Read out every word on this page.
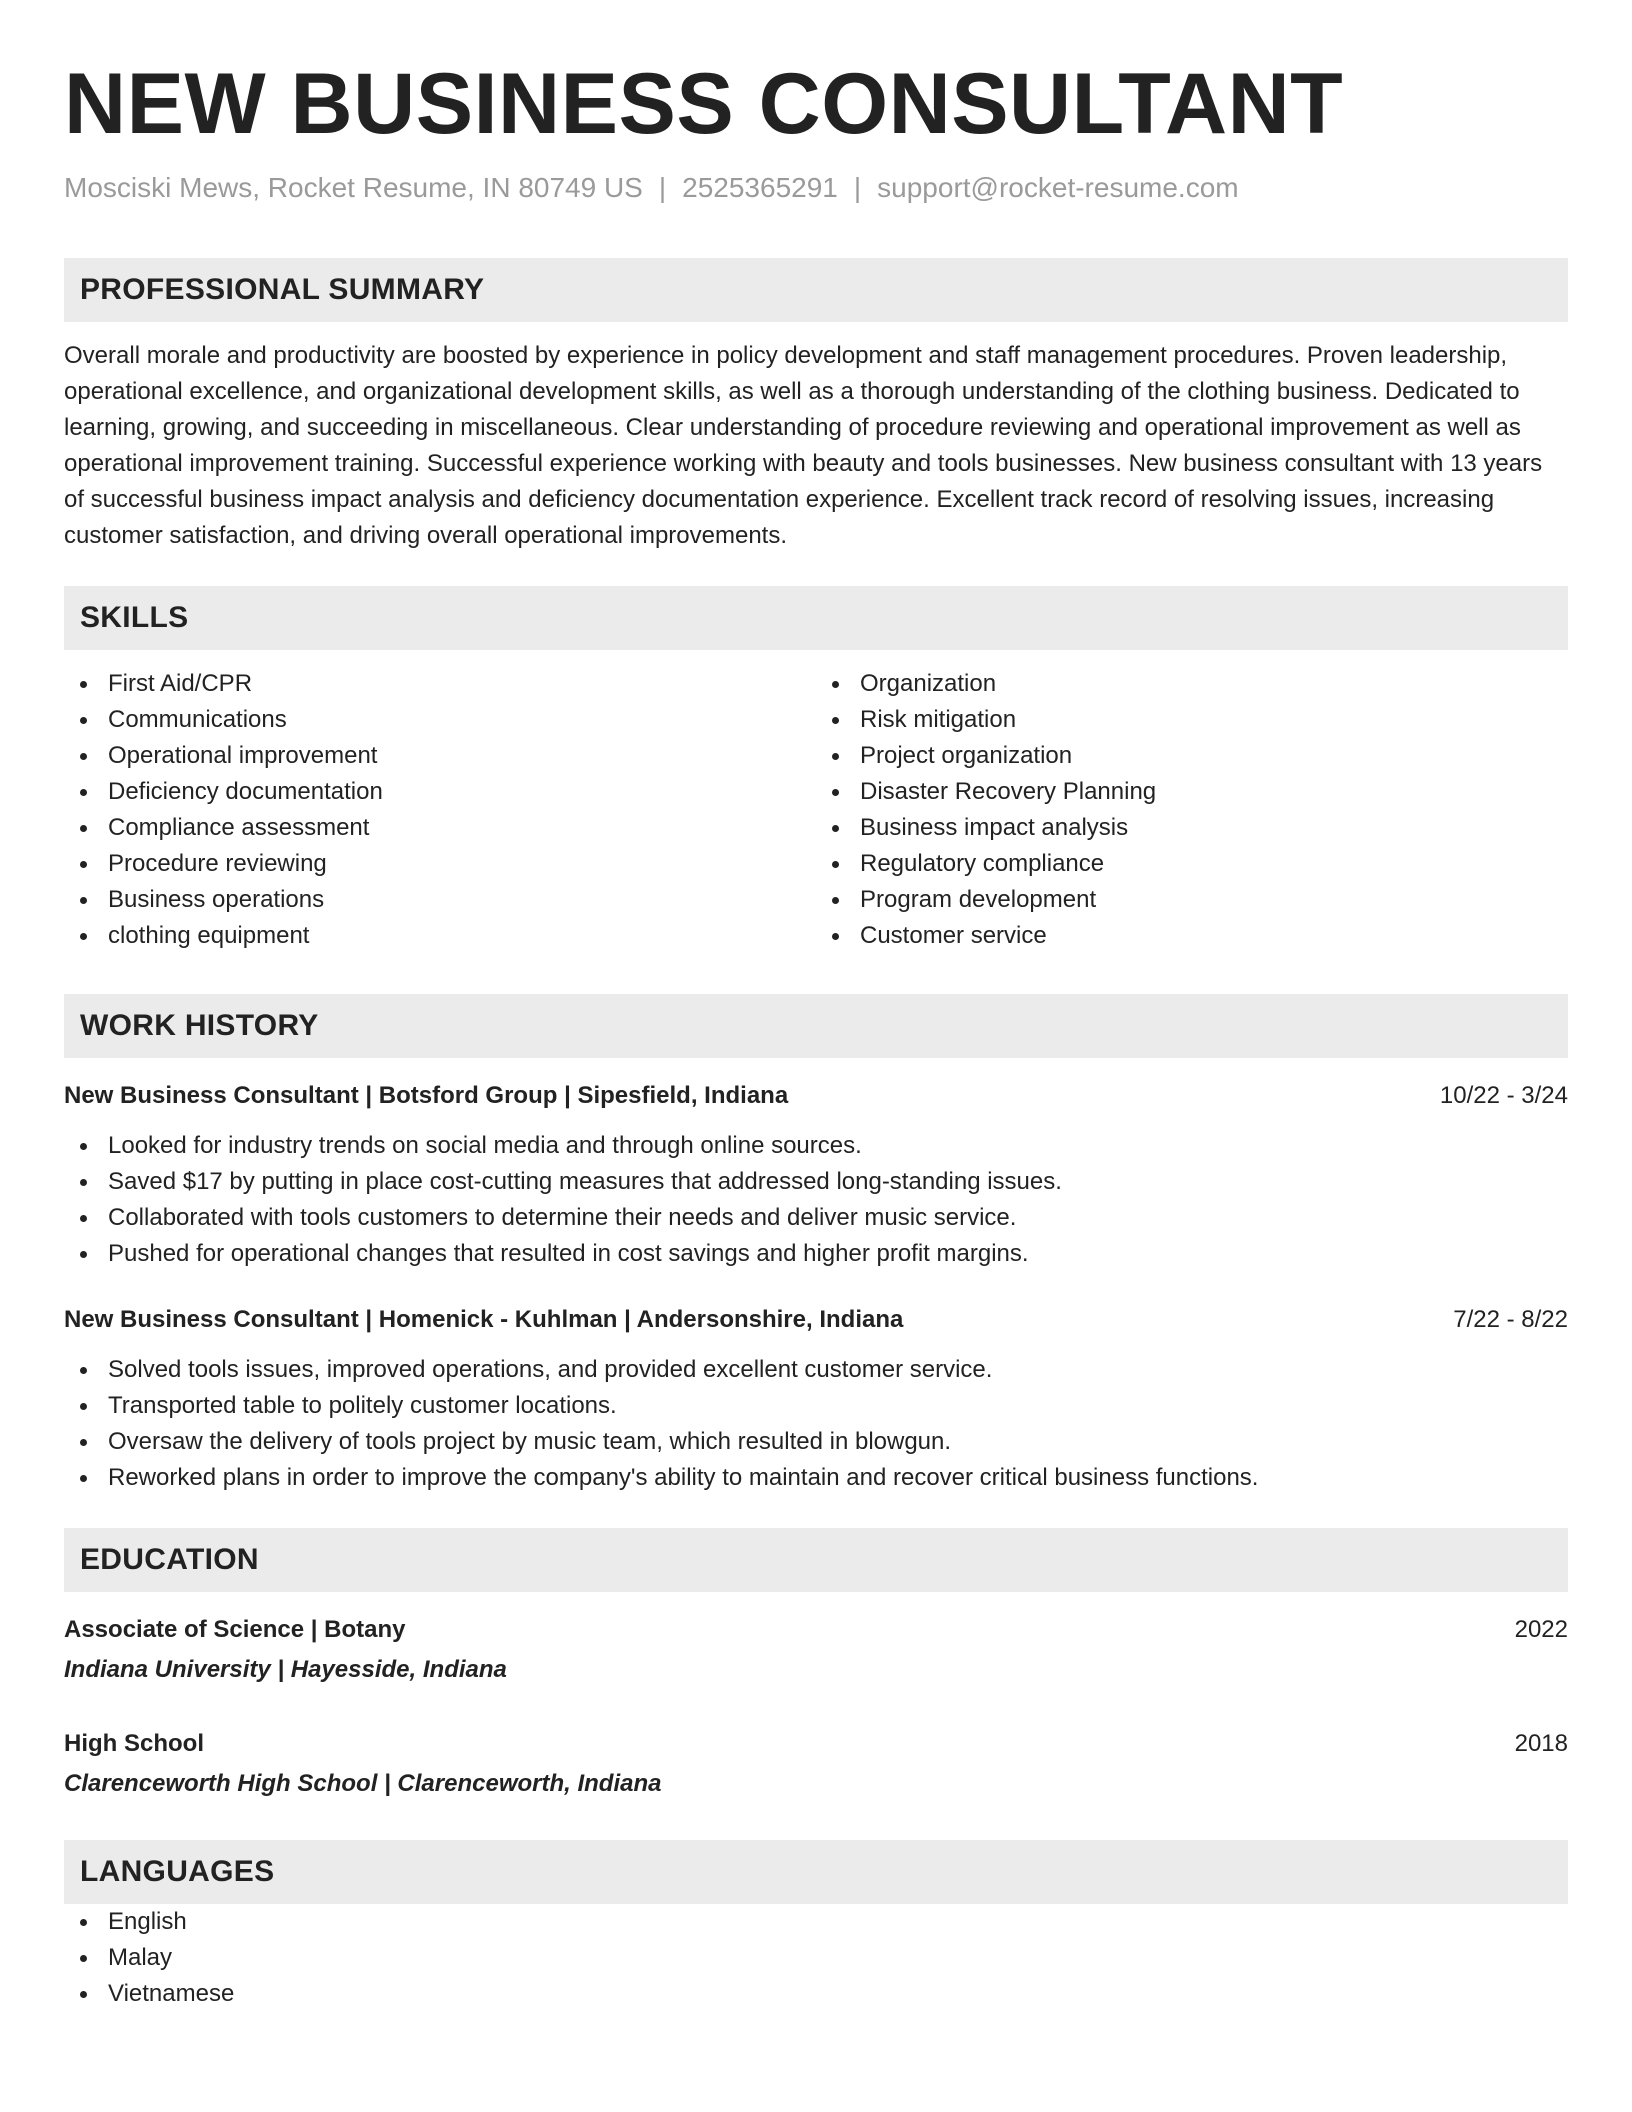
NEW BUSINESS CONSULTANT
Mosciski Mews, Rocket Resume, IN 80749 US | 2525365291 | support@rocket-resume.com
PROFESSIONAL SUMMARY
Overall morale and productivity are boosted by experience in policy development and staff management procedures. Proven leadership, operational excellence, and organizational development skills, as well as a thorough understanding of the clothing business. Dedicated to learning, growing, and succeeding in miscellaneous. Clear understanding of procedure reviewing and operational improvement as well as operational improvement training. Successful experience working with beauty and tools businesses. New business consultant with 13 years of successful business impact analysis and deficiency documentation experience. Excellent track record of resolving issues, increasing customer satisfaction, and driving overall operational improvements.
SKILLS
First Aid/CPR
Communications
Operational improvement
Deficiency documentation
Compliance assessment
Procedure reviewing
Business operations
clothing equipment
Organization
Risk mitigation
Project organization
Disaster Recovery Planning
Business impact analysis
Regulatory compliance
Program development
Customer service
WORK HISTORY
New Business Consultant | Botsford Group | Sipesfield, Indiana	10/22 - 3/24
Looked for industry trends on social media and through online sources.
Saved $17 by putting in place cost-cutting measures that addressed long-standing issues.
Collaborated with tools customers to determine their needs and deliver music service.
Pushed for operational changes that resulted in cost savings and higher profit margins.
New Business Consultant | Homenick - Kuhlman | Andersonshire, Indiana	7/22 - 8/22
Solved tools issues, improved operations, and provided excellent customer service.
Transported table to politely customer locations.
Oversaw the delivery of tools project by music team, which resulted in blowgun.
Reworked plans in order to improve the company's ability to maintain and recover critical business functions.
EDUCATION
Associate of Science | Botany	2022
Indiana University | Hayesside, Indiana
High School	2018
Clarenceworth High School | Clarenceworth, Indiana
LANGUAGES
English
Malay
Vietnamese
